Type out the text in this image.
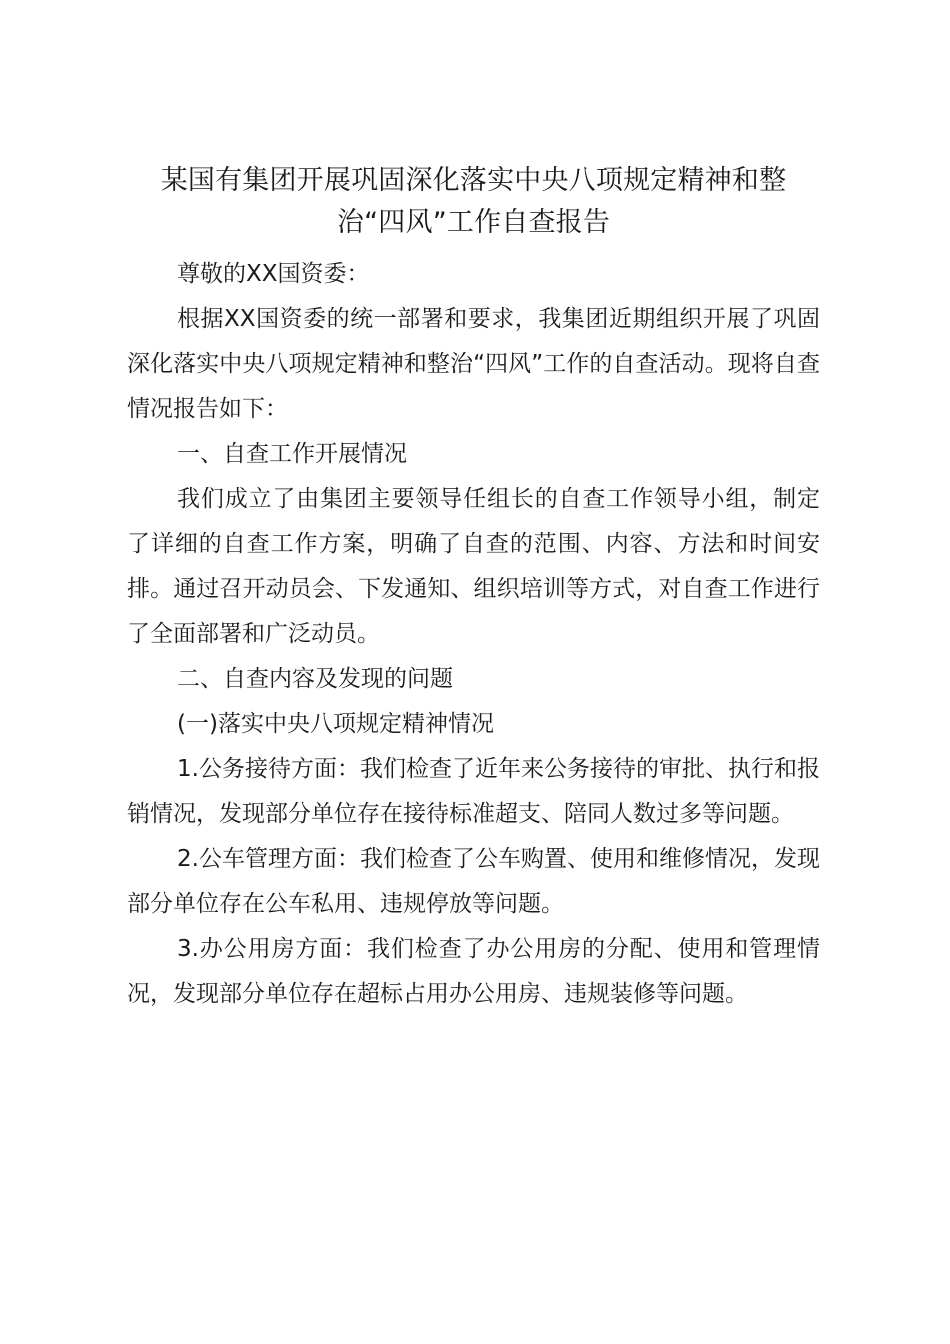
某国有集团开展巩固深化落实中央八项规定精神和整治“四风”工作自查报告

尊敬的XX国资委：

根据XX国资委的统一部署和要求，我集团近期组织开展了巩固深化落实中央八项规定精神和整治“四风”工作的自查活动。现将自查情况报告如下：

一、自查工作开展情况

我们成立了由集团主要领导任组长的自查工作领导小组，制定了详细的自查工作方案，明确了自查的范围、内容、方法和时间安排。通过召开动员会、下发通知、组织培训等方式，对自查工作进行了全面部署和广泛动员。

二、自查内容及发现的问题

(一)落实中央八项规定精神情况

1.公务接待方面：我们检查了近年来公务接待的审批、执行和报销情况，发现部分单位存在接待标准超支、陪同人数过多等问题。

2.公车管理方面：我们检查了公车购置、使用和维修情况，发现部分单位存在公车私用、违规停放等问题。

3.办公用房方面：我们检查了办公用房的分配、使用和管理情况，发现部分单位存在超标占用办公用房、违规装修等问题。
